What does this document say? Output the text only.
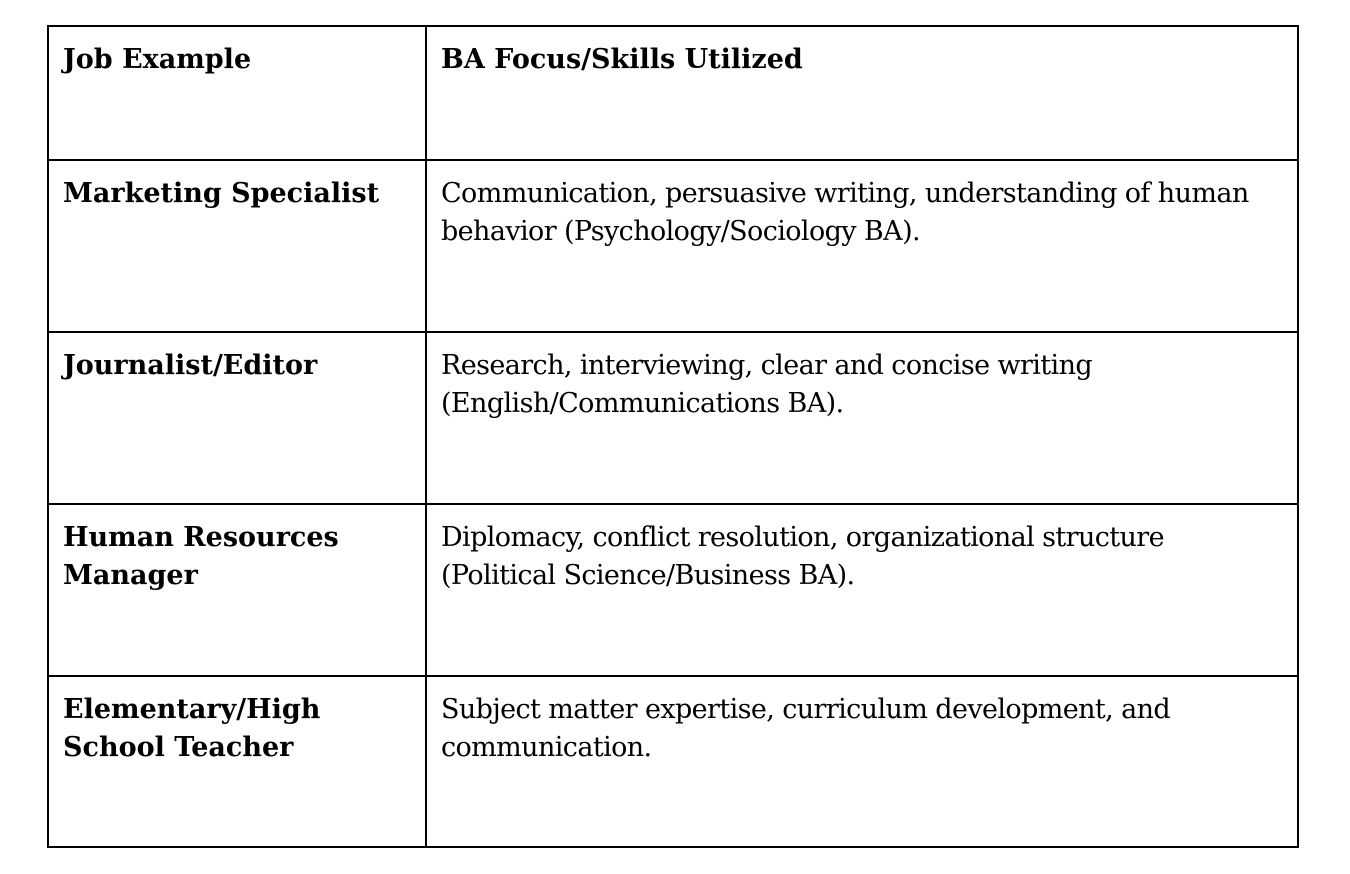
Job Example	BA Focus/Skills Utilized
Marketing Specialist	Communication, persuasive writing, understanding of human behavior (Psychology/Sociology BA).
Journalist/Editor	Research, interviewing, clear and concise writing (English/Communications BA).
Human Resources Manager	Diplomacy, conflict resolution, organizational structure (Political Science/Business BA).
Elementary/High School Teacher	Subject matter expertise, curriculum development, and communication.
